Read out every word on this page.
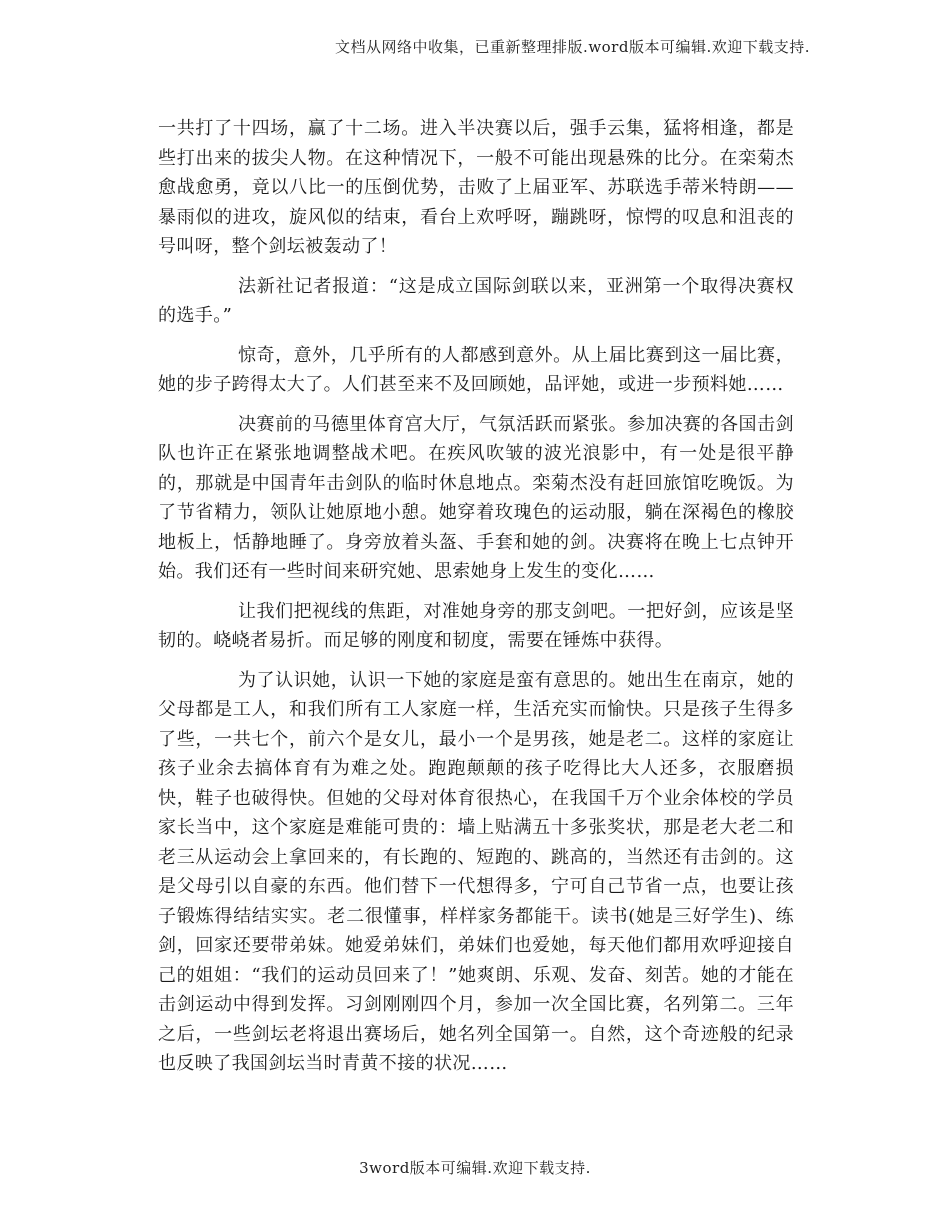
文档从网络中收集，已重新整理排版.word版本可编辑.欢迎下载支持.

一共打了十四场，赢了十二场。进入半决赛以后，强手云集，猛将相逢，都是些打出来的拔尖人物。在这种情况下，一般不可能出现悬殊的比分。在栾菊杰愈战愈勇，竟以八比一的压倒优势，击败了上届亚军、苏联选手蒂米特朗——暴雨似的进攻，旋风似的结束，看台上欢呼呀，蹦跳呀，惊愕的叹息和沮丧的号叫呀，整个剑坛被轰动了！

法新社记者报道：“这是成立国际剑联以来，亚洲第一个取得决赛权的选手。”

惊奇，意外，几乎所有的人都感到意外。从上届比赛到这一届比赛，她的步子跨得太大了。人们甚至来不及回顾她，品评她，或进一步预料她……

决赛前的马德里体育宫大厅，气氛活跃而紧张。参加决赛的各国击剑队也许正在紧张地调整战术吧。在疾风吹皱的波光浪影中，有一处是很平静的，那就是中国青年击剑队的临时休息地点。栾菊杰没有赶回旅馆吃晚饭。为了节省精力，领队让她原地小憩。她穿着玫瑰色的运动服，躺在深褐色的橡胶地板上，恬静地睡了。身旁放着头盔、手套和她的剑。决赛将在晚上七点钟开始。我们还有一些时间来研究她、思索她身上发生的变化……

让我们把视线的焦距，对准她身旁的那支剑吧。一把好剑，应该是坚韧的。峣峣者易折。而足够的刚度和韧度，需要在锤炼中获得。

为了认识她，认识一下她的家庭是蛮有意思的。她出生在南京，她的父母都是工人，和我们所有工人家庭一样，生活充实而愉快。只是孩子生得多了些，一共七个，前六个是女儿，最小一个是男孩，她是老二。这样的家庭让孩子业余去搞体育有为难之处。跑跑颠颠的孩子吃得比大人还多，衣服磨损快，鞋子也破得快。但她的父母对体育很热心，在我国千万个业余体校的学员家长当中，这个家庭是难能可贵的：墙上贴满五十多张奖状，那是老大老二和老三从运动会上拿回来的，有长跑的、短跑的、跳高的，当然还有击剑的。这是父母引以自豪的东西。他们替下一代想得多，宁可自己节省一点，也要让孩子锻炼得结结实实。老二很懂事，样样家务都能干。读书(她是三好学生)、练剑，回家还要带弟妹。她爱弟妹们，弟妹们也爱她，每天他们都用欢呼迎接自己的姐姐：“我们的运动员回来了！”她爽朗、乐观、发奋、刻苦。她的才能在击剑运动中得到发挥。习剑刚刚四个月，参加一次全国比赛，名列第二。三年之后，一些剑坛老将退出赛场后，她名列全国第一。自然，这个奇迹般的纪录也反映了我国剑坛当时青黄不接的状况……

3word版本可编辑.欢迎下载支持.
